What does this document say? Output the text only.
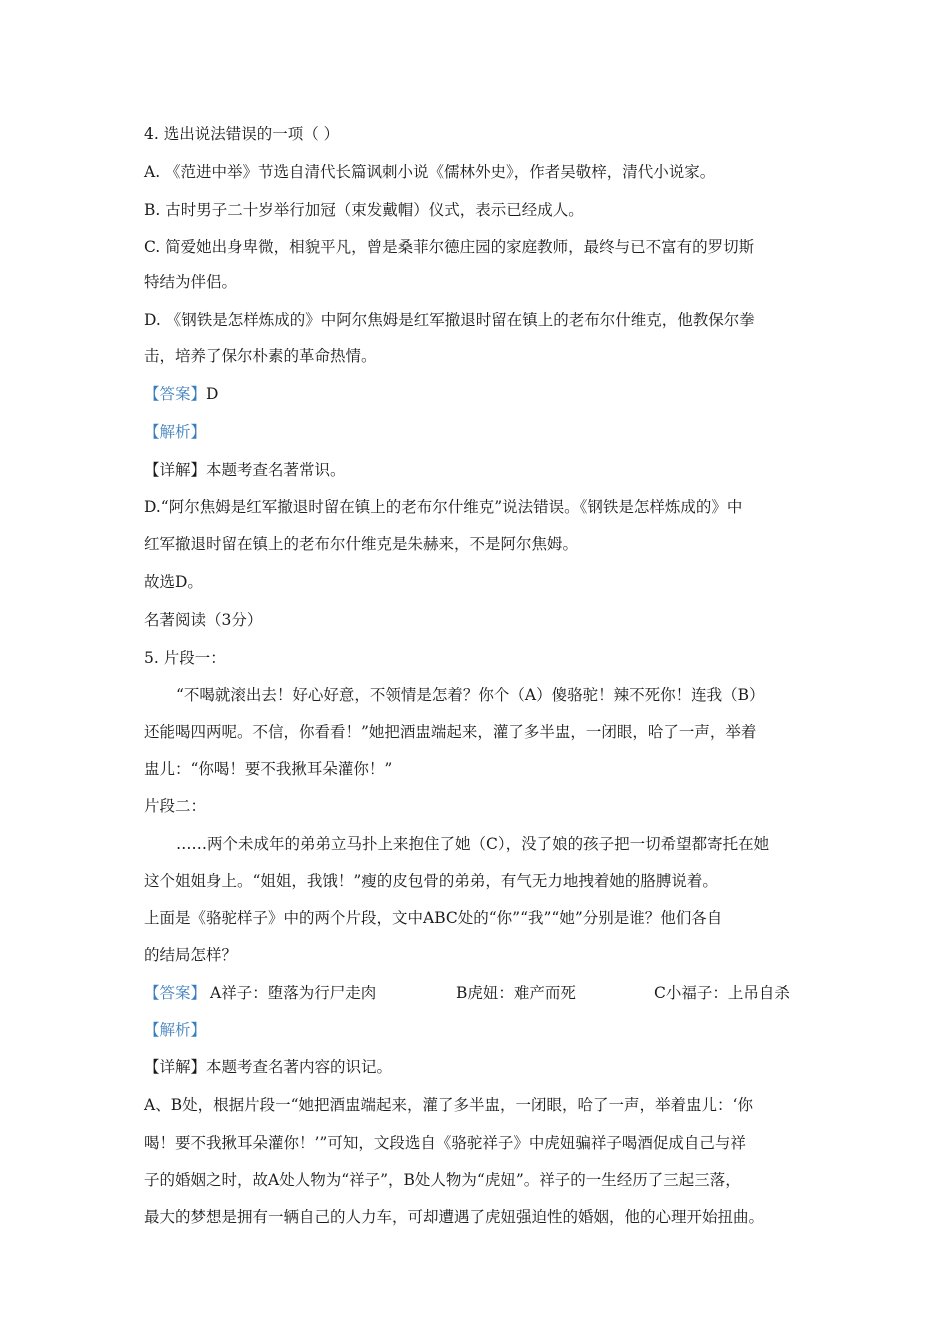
4. 选出说法错误的一项（ ）
A. 《范进中举》节选自清代长篇讽刺小说《儒林外史》，作者吴敬梓，清代小说家。
B. 古时男子二十岁举行加冠（束发戴帽）仪式，表示已经成人。
C. 简爱她出身卑微，相貌平凡，曾是桑菲尔德庄园的家庭教师，最终与已不富有的罗切斯
特结为伴侣。
D. 《钢铁是怎样炼成的》中阿尔焦姆是红军撤退时留在镇上的老布尔什维克，他教保尔拳
击，培养了保尔朴素的革命热情。
【答案】D
【解析】
【详解】本题考查名著常识。
D.“阿尔焦姆是红军撤退时留在镇上的老布尔什维克”说法错误。《钢铁是怎样炼成的》中
红军撤退时留在镇上的老布尔什维克是朱赫来，不是阿尔焦姆。
故选D。
名著阅读（3分）
5. 片段一：
“不喝就滚出去！好心好意，不领情是怎着？你个（A）傻骆驼！辣不死你！连我（B）
还能喝四两呢。不信，你看看！”她把酒盅端起来，灌了多半盅，一闭眼，哈了一声，举着
盅儿：“你喝！要不我揪耳朵灌你！”
片段二：
……两个未成年的弟弟立马扑上来抱住了她（C），没了娘的孩子把一切希望都寄托在她
这个姐姐身上。“姐姐，我饿！”瘦的皮包骨的弟弟，有气无力地拽着她的胳膊说着。
上面是《骆驼样子》中的两个片段，文中ABC处的“你”“我”“她”分别是谁？他们各自
的结局怎样？
【答案】 A祥子：堕落为行尸走肉	B虎妞：难产而死	C小福子：上吊自杀
【解析】
【详解】本题考查名著内容的识记。
A、B处，根据片段一“她把酒盅端起来，灌了多半盅，一闭眼，哈了一声，举着盅儿：‘你
喝！要不我揪耳朵灌你！’”可知，文段选自《骆驼祥子》中虎妞骗祥子喝酒促成自己与祥
子的婚姻之时，故A处人物为“祥子”，B处人物为“虎妞”。祥子的一生经历了三起三落，
最大的梦想是拥有一辆自己的人力车，可却遭遇了虎妞强迫性的婚姻，他的心理开始扭曲。
